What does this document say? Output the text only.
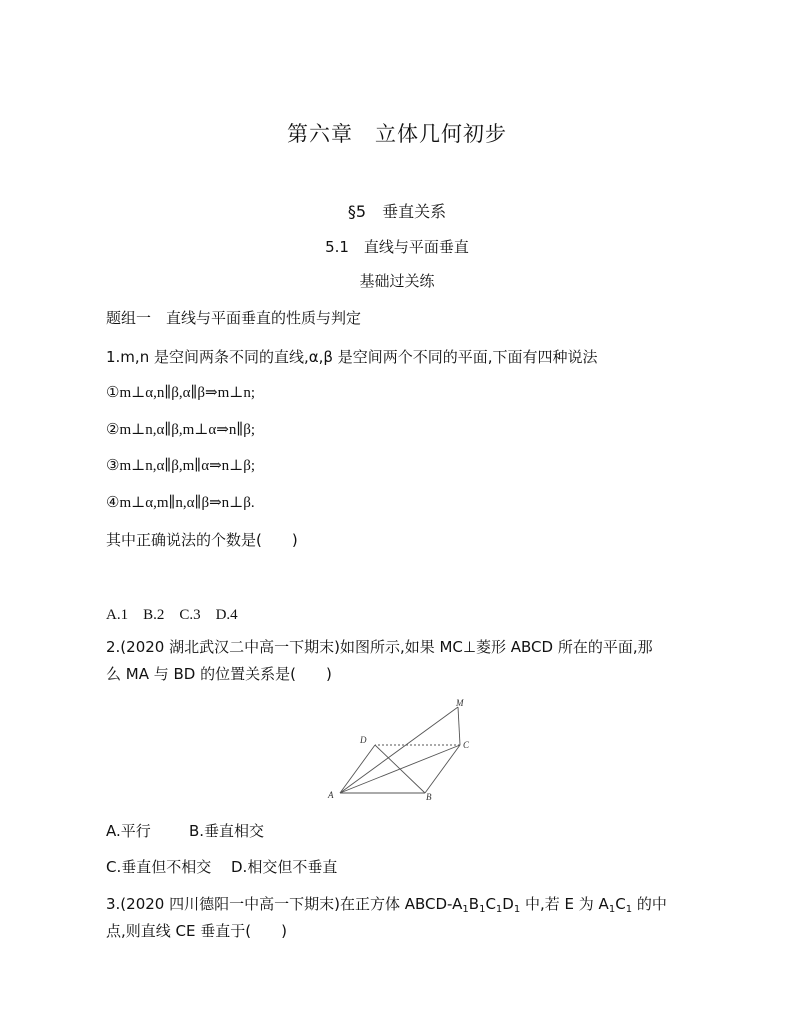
第六章　立体几何初步
§5　垂直关系
5.1　直线与平面垂直
基础过关练
题组一　直线与平面垂直的性质与判定
1.m,n 是空间两条不同的直线,α,β 是空间两个不同的平面,下面有四种说法
①m⊥α,n∥β,α∥β⇒m⊥n;
②m⊥n,α∥β,m⊥α⇒n∥β;
③m⊥n,α∥β,m∥α⇒n⊥β;
④m⊥α,m∥n,α∥β⇒n⊥β.
其中正确说法的个数是(　　)
A.1　B.2　C.3　D.4
2.(2020 湖北武汉二中高一下期末)如图所示,如果 MC⊥菱形 ABCD 所在的平面,那
么 MA 与 BD 的位置关系是(　　)
M
D	C
A	B
A.平行	B.垂直相交
C.垂直但不相交 D.相交但不垂直
3.(2020 四川德阳一中高一下期末)在正方体 ABCD-$A_1B_1C_1D_1$ 中,若 E 为 $A_1C_1$ 的中
点,则直线 CE 垂直于(　　)
